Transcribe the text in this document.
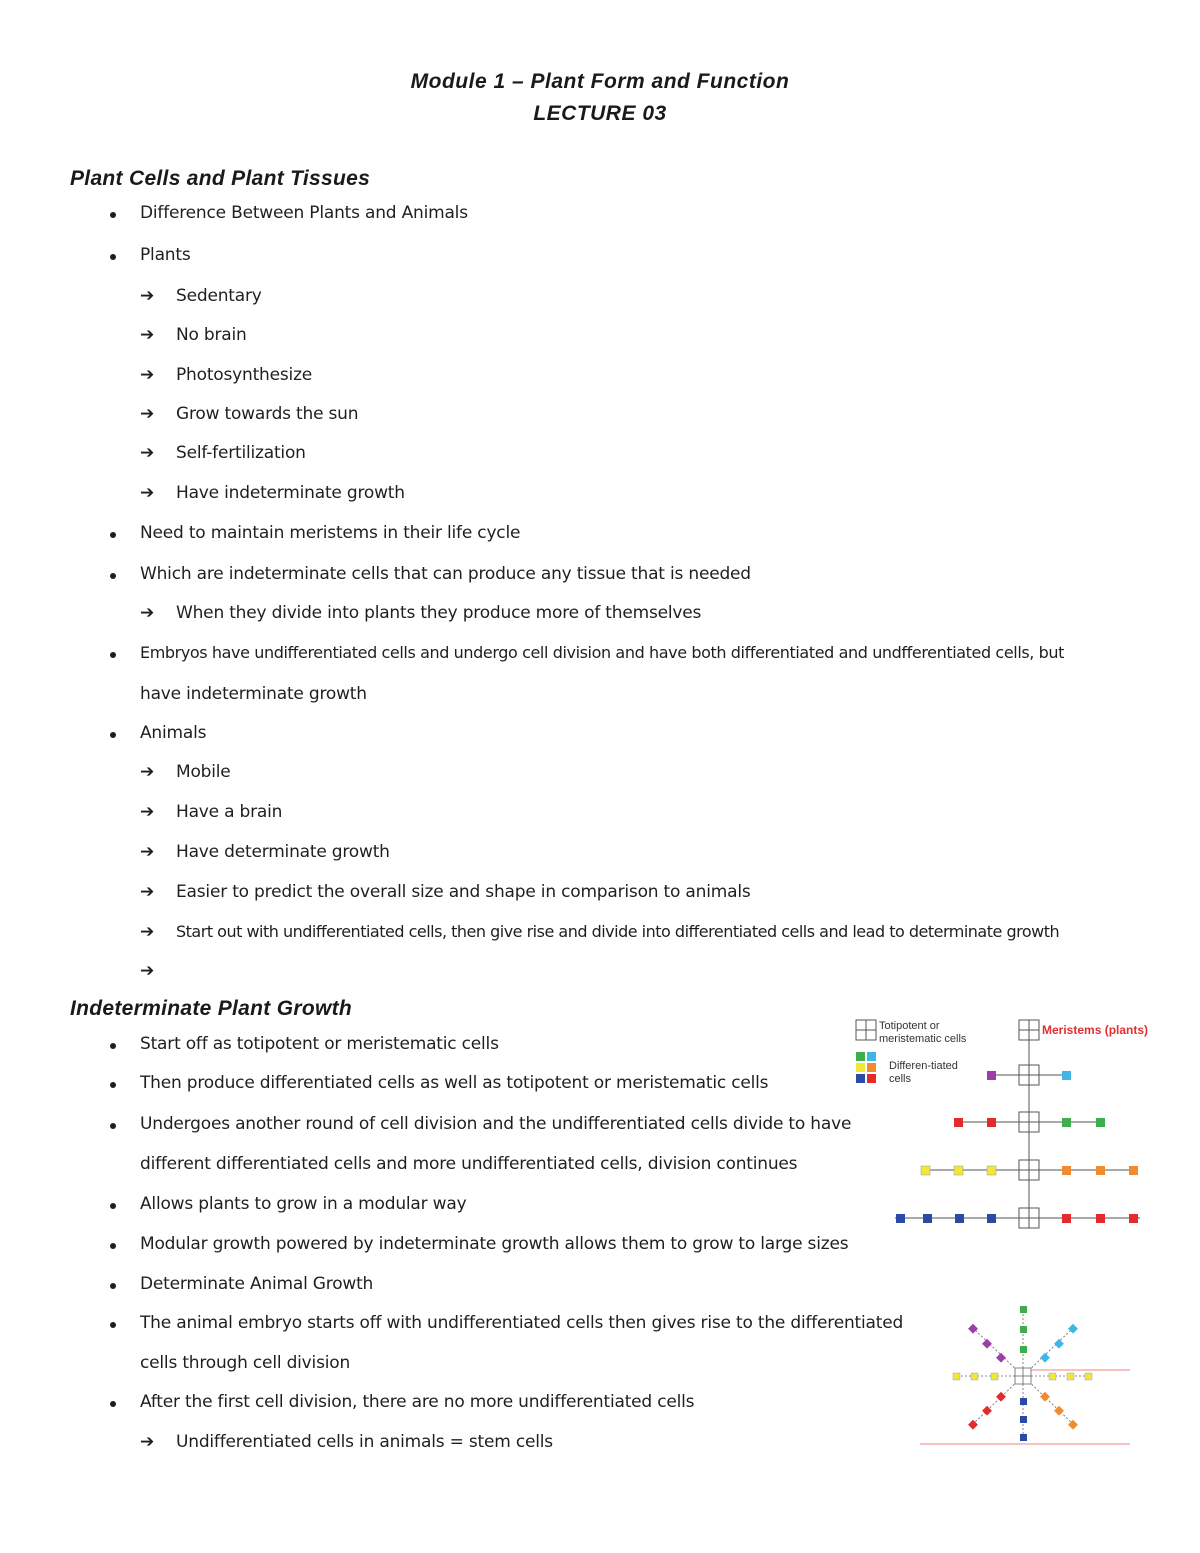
Module 1 – Plant Form and Function
LECTURE 03
Plant Cells and Plant Tissues
Difference Between Plants and Animals
Plants
➔ Sedentary
➔ No brain
➔ Photosynthesize
➔ Grow towards the sun
➔ Self-fertilization
➔ Have indeterminate growth
Need to maintain meristems in their life cycle
Which are indeterminate cells that can produce any tissue that is needed
➔ When they divide into plants they produce more of themselves
Embryos have undifferentiated cells and undergo cell division and have both differentiated and undfferentiated cells, but
have indeterminate growth
Animals
➔ Mobile
➔ Have a brain
➔ Have determinate growth
➔ Easier to predict the overall size and shape in comparison to animals
➔ Start out with undifferentiated cells, then give rise and divide into differentiated cells and lead to determinate growth
➔
Indeterminate Plant Growth
Start off as totipotent or meristematic cells
Then produce differentiated cells as well as totipotent or meristematic cells
Undergoes another round of cell division and the undifferentiated cells divide to have
different differentiated cells and more undifferentiated cells, division continues
Allows plants to grow in a modular way
Modular growth powered by indeterminate growth allows them to grow to large sizes
Determinate Animal Growth
The animal embryo starts off with undifferentiated cells then gives rise to the differentiated
cells through cell division
After the first cell division, there are no more undifferentiated cells
➔ Undifferentiated cells in animals = stem cells
Totipotent or
meristematic cells
Differen-tiated
cells
Meristems (plants)
